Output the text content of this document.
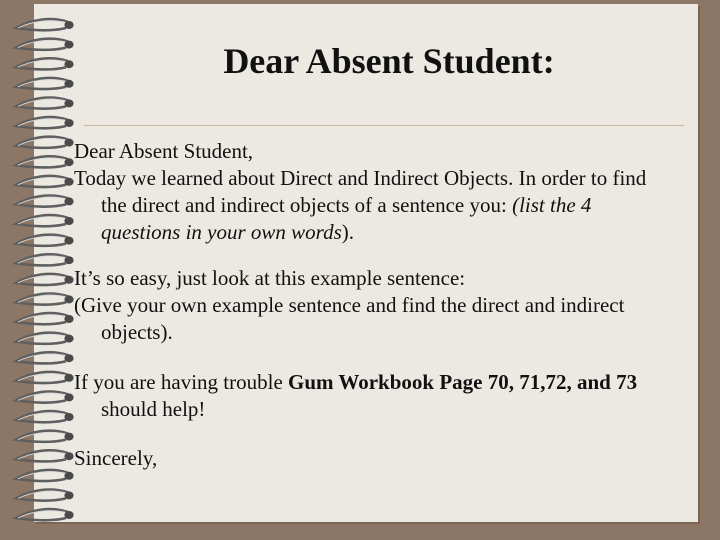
Dear Absent Student:

Dear Absent Student,

Today we learned about Direct and Indirect Objects. In order to find the direct and indirect objects of a sentence you: (list the 4 questions in your own words).

It’s so easy, just look at this example sentence:

(Give your own example sentence and find the direct and indirect objects).

If you are having trouble Gum Workbook Page 70, 71,72, and 73 should help!

Sincerely,
